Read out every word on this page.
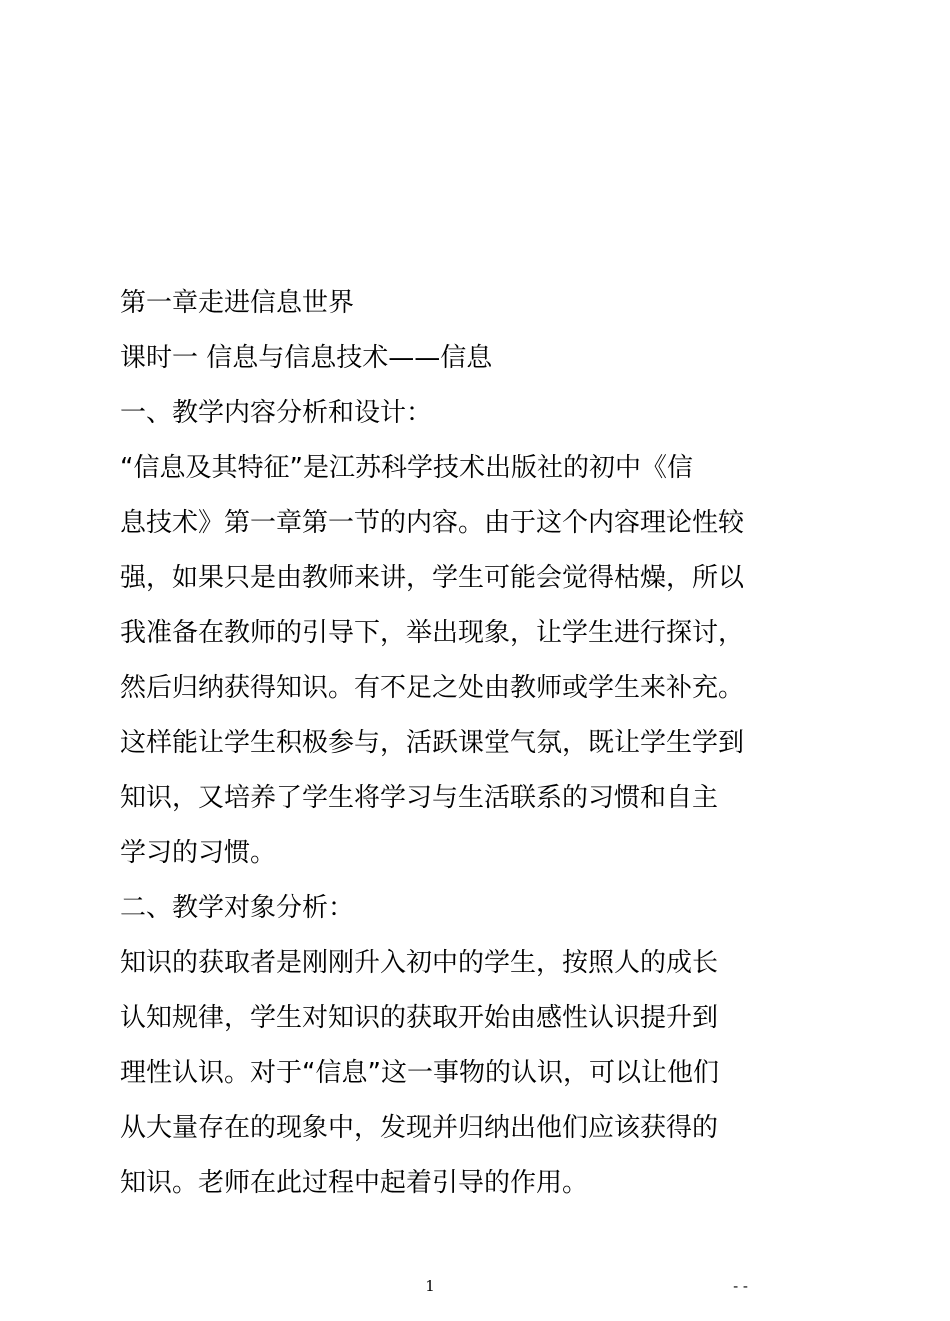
第一章走进信息世界
课时一 信息与信息技术——信息
一、教学内容分析和设计：
“信息及其特征”是江苏科学技术出版社的初中《信
息技术》第一章第一节的内容。由于这个内容理论性较
强，如果只是由教师来讲，学生可能会觉得枯燥，所以
我准备在教师的引导下，举出现象，让学生进行探讨，
然后归纳获得知识。有不足之处由教师或学生来补充。
这样能让学生积极参与，活跃课堂气氛，既让学生学到
知识，又培养了学生将学习与生活联系的习惯和自主
学习的习惯。
二、教学对象分析：
知识的获取者是刚刚升入初中的学生，按照人的成长
认知规律，学生对知识的获取开始由感性认识提升到
理性认识。对于“信息”这一事物的认识，可以让他们
从大量存在的现象中，发现并归纳出他们应该获得的
知识。老师在此过程中起着引导的作用。
1	- -
